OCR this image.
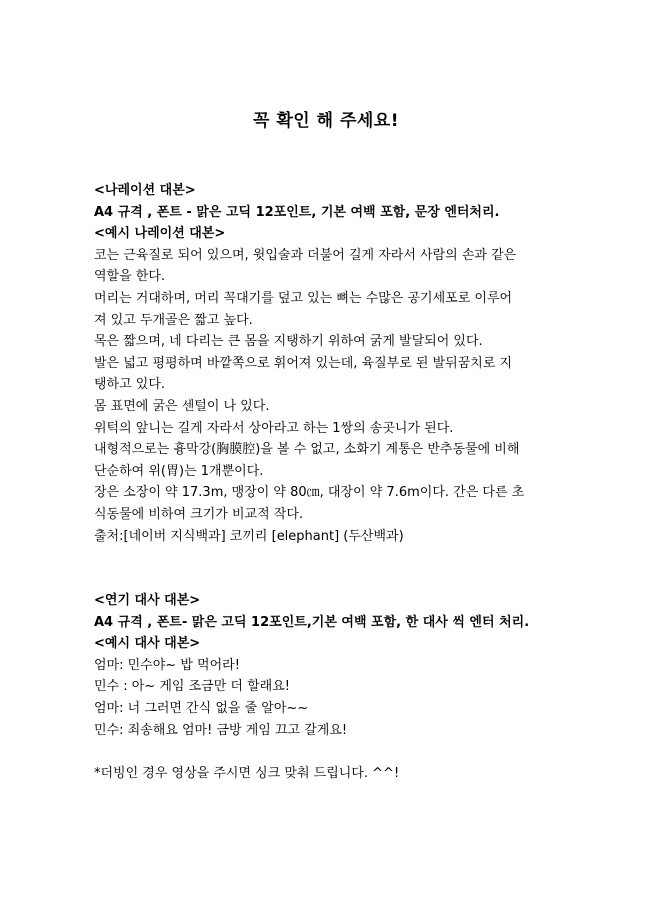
꼭 확인 해 주세요!
<나레이션 대본>
A4 규격 , 폰트 - 맑은 고딕 12포인트, 기본 여백 포함, 문장 엔터처리.
<예시 나레이션 대본>
코는 근육질로 되어 있으며, 윗입술과 더불어 길게 자라서 사람의 손과 같은
역할을 한다.
머리는 거대하며, 머리 꼭대기를 덮고 있는 뼈는 수많은 공기세포로 이루어
져 있고 두개골은 짧고 높다.
목은 짧으며, 네 다리는 큰 몸을 지탱하기 위하여 굵게 발달되어 있다.
발은 넓고 평평하며 바깥쪽으로 휘어져 있는데, 육질부로 된 발뒤꿈치로 지
탱하고 있다.
몸 표면에 굵은 센털이 나 있다.
위턱의 앞니는 길게 자라서 상아라고 하는 1쌍의 송곳니가 된다.
내형적으로는 흉막강(胸膜腔)을 볼 수 없고, 소화기 계통은 반추동물에 비해
단순하여 위(胃)는 1개뿐이다.
장은 소장이 약 17.3m, 맹장이 약 80㎝, 대장이 약 7.6m이다. 간은 다른 초
식동물에 비하여 크기가 비교적 작다.
출처:[네이버 지식백과] 코끼리 [elephant] (두산백과)
<연기 대사 대본>
A4 규격 , 폰트- 맑은 고딕 12포인트,기본 여백 포함, 한 대사 씩 엔터 처리.
<예시 대사 대본>
엄마: 민수야~ 밥 먹어라!
민수 : 아~ 게임 조금만 더 할래요!
엄마: 너 그러면 간식 없을 줄 알아~~
민수: 죄송해요 엄마! 금방 게임 끄고 갈게요!
*더빙인 경우 영상을 주시면 싱크 맞춰 드립니다. ^^!
